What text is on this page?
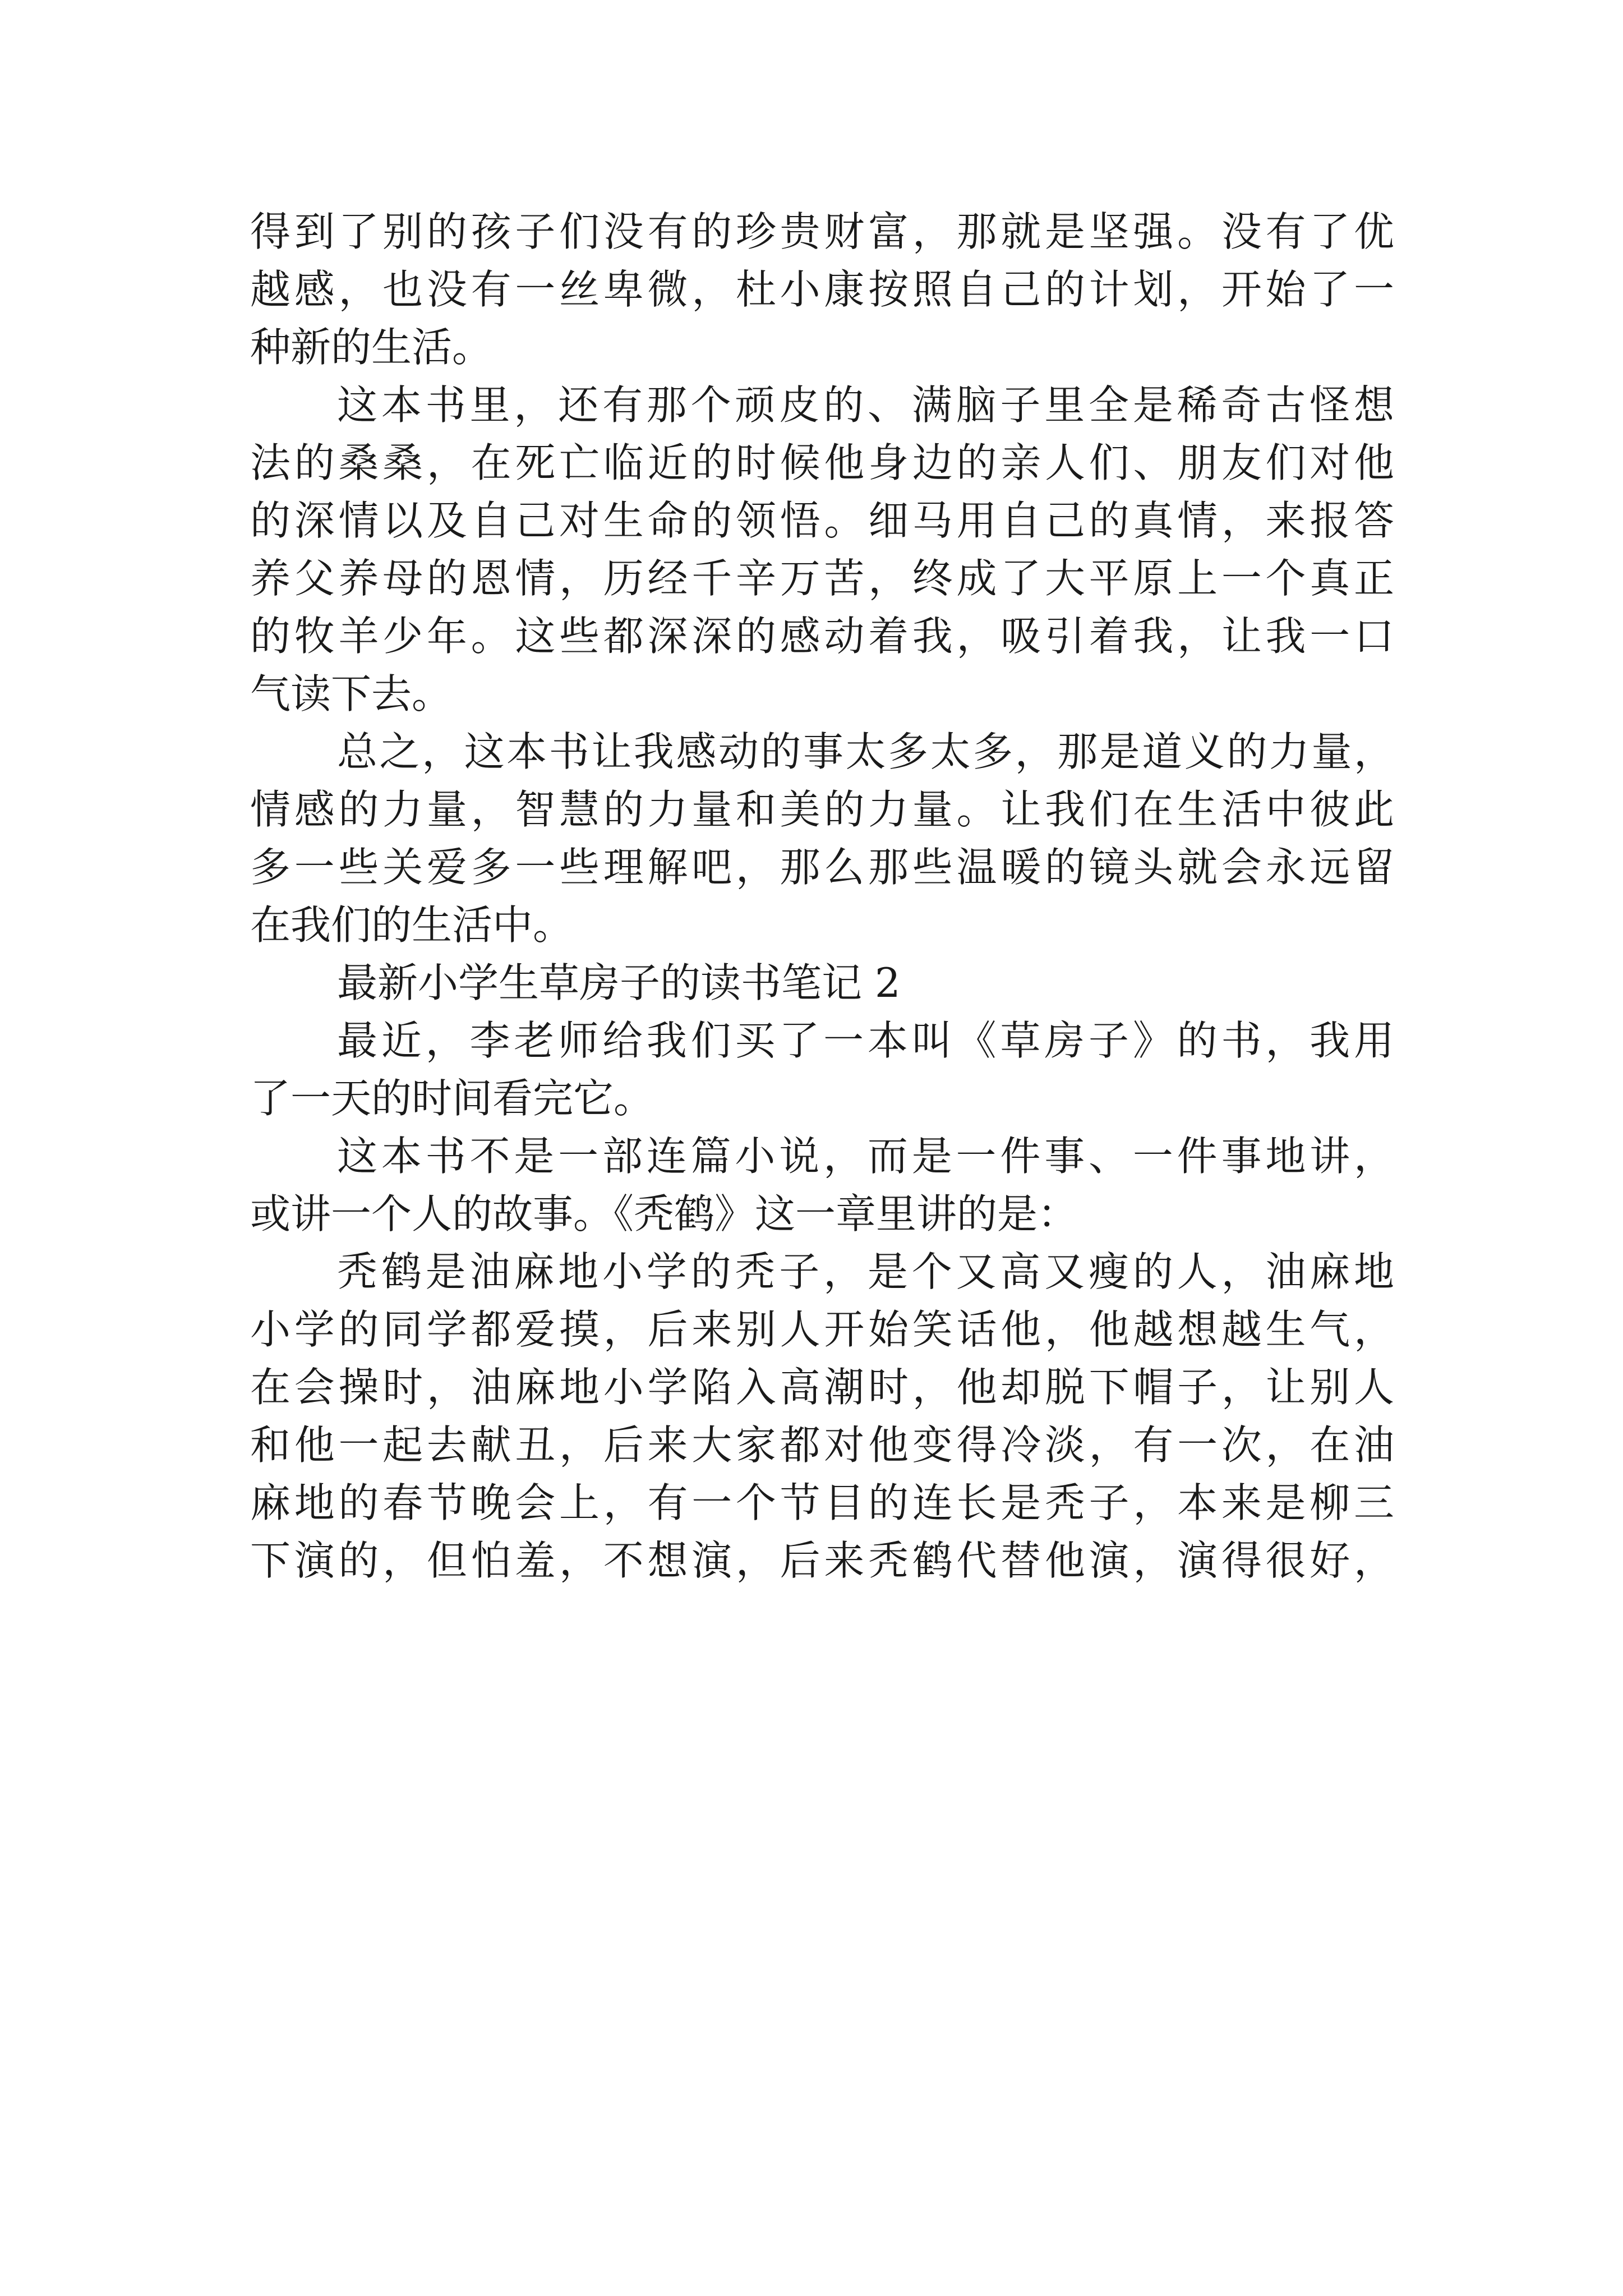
得到了别的孩子们没有的珍贵财富，那就是坚强。没有了优
越感，也没有一丝卑微，杜小康按照自己的计划，开始了一
种新的生活。
这本书里，还有那个顽皮的、满脑子里全是稀奇古怪想
法的桑桑，在死亡临近的时候他身边的亲人们、朋友们对他
的深情以及自己对生命的领悟。细马用自己的真情，来报答
养父养母的恩情，历经千辛万苦，终成了大平原上一个真正
的牧羊少年。这些都深深的感动着我，吸引着我，让我一口
气读下去。
总之，这本书让我感动的事太多太多，那是道义的力量，
情感的力量，智慧的力量和美的力量。让我们在生活中彼此
多一些关爱多一些理解吧，那么那些温暖的镜头就会永远留
在我们的生活中。
最新小学生草房子的读书笔记 2
最近，李老师给我们买了一本叫《草房子》的书，我用
了一天的时间看完它。
这本书不是一部连篇小说，而是一件事、一件事地讲，
或讲一个人的故事。《秃鹤》这一章里讲的是：
秃鹤是油麻地小学的秃子，是个又高又瘦的人，油麻地
小学的同学都爱摸，后来别人开始笑话他，他越想越生气，
在会操时，油麻地小学陷入高潮时，他却脱下帽子，让别人
和他一起去献丑，后来大家都对他变得冷淡，有一次，在油
麻地的春节晚会上，有一个节目的连长是秃子，本来是柳三
下演的，但怕羞，不想演，后来秃鹤代替他演，演得很好，
